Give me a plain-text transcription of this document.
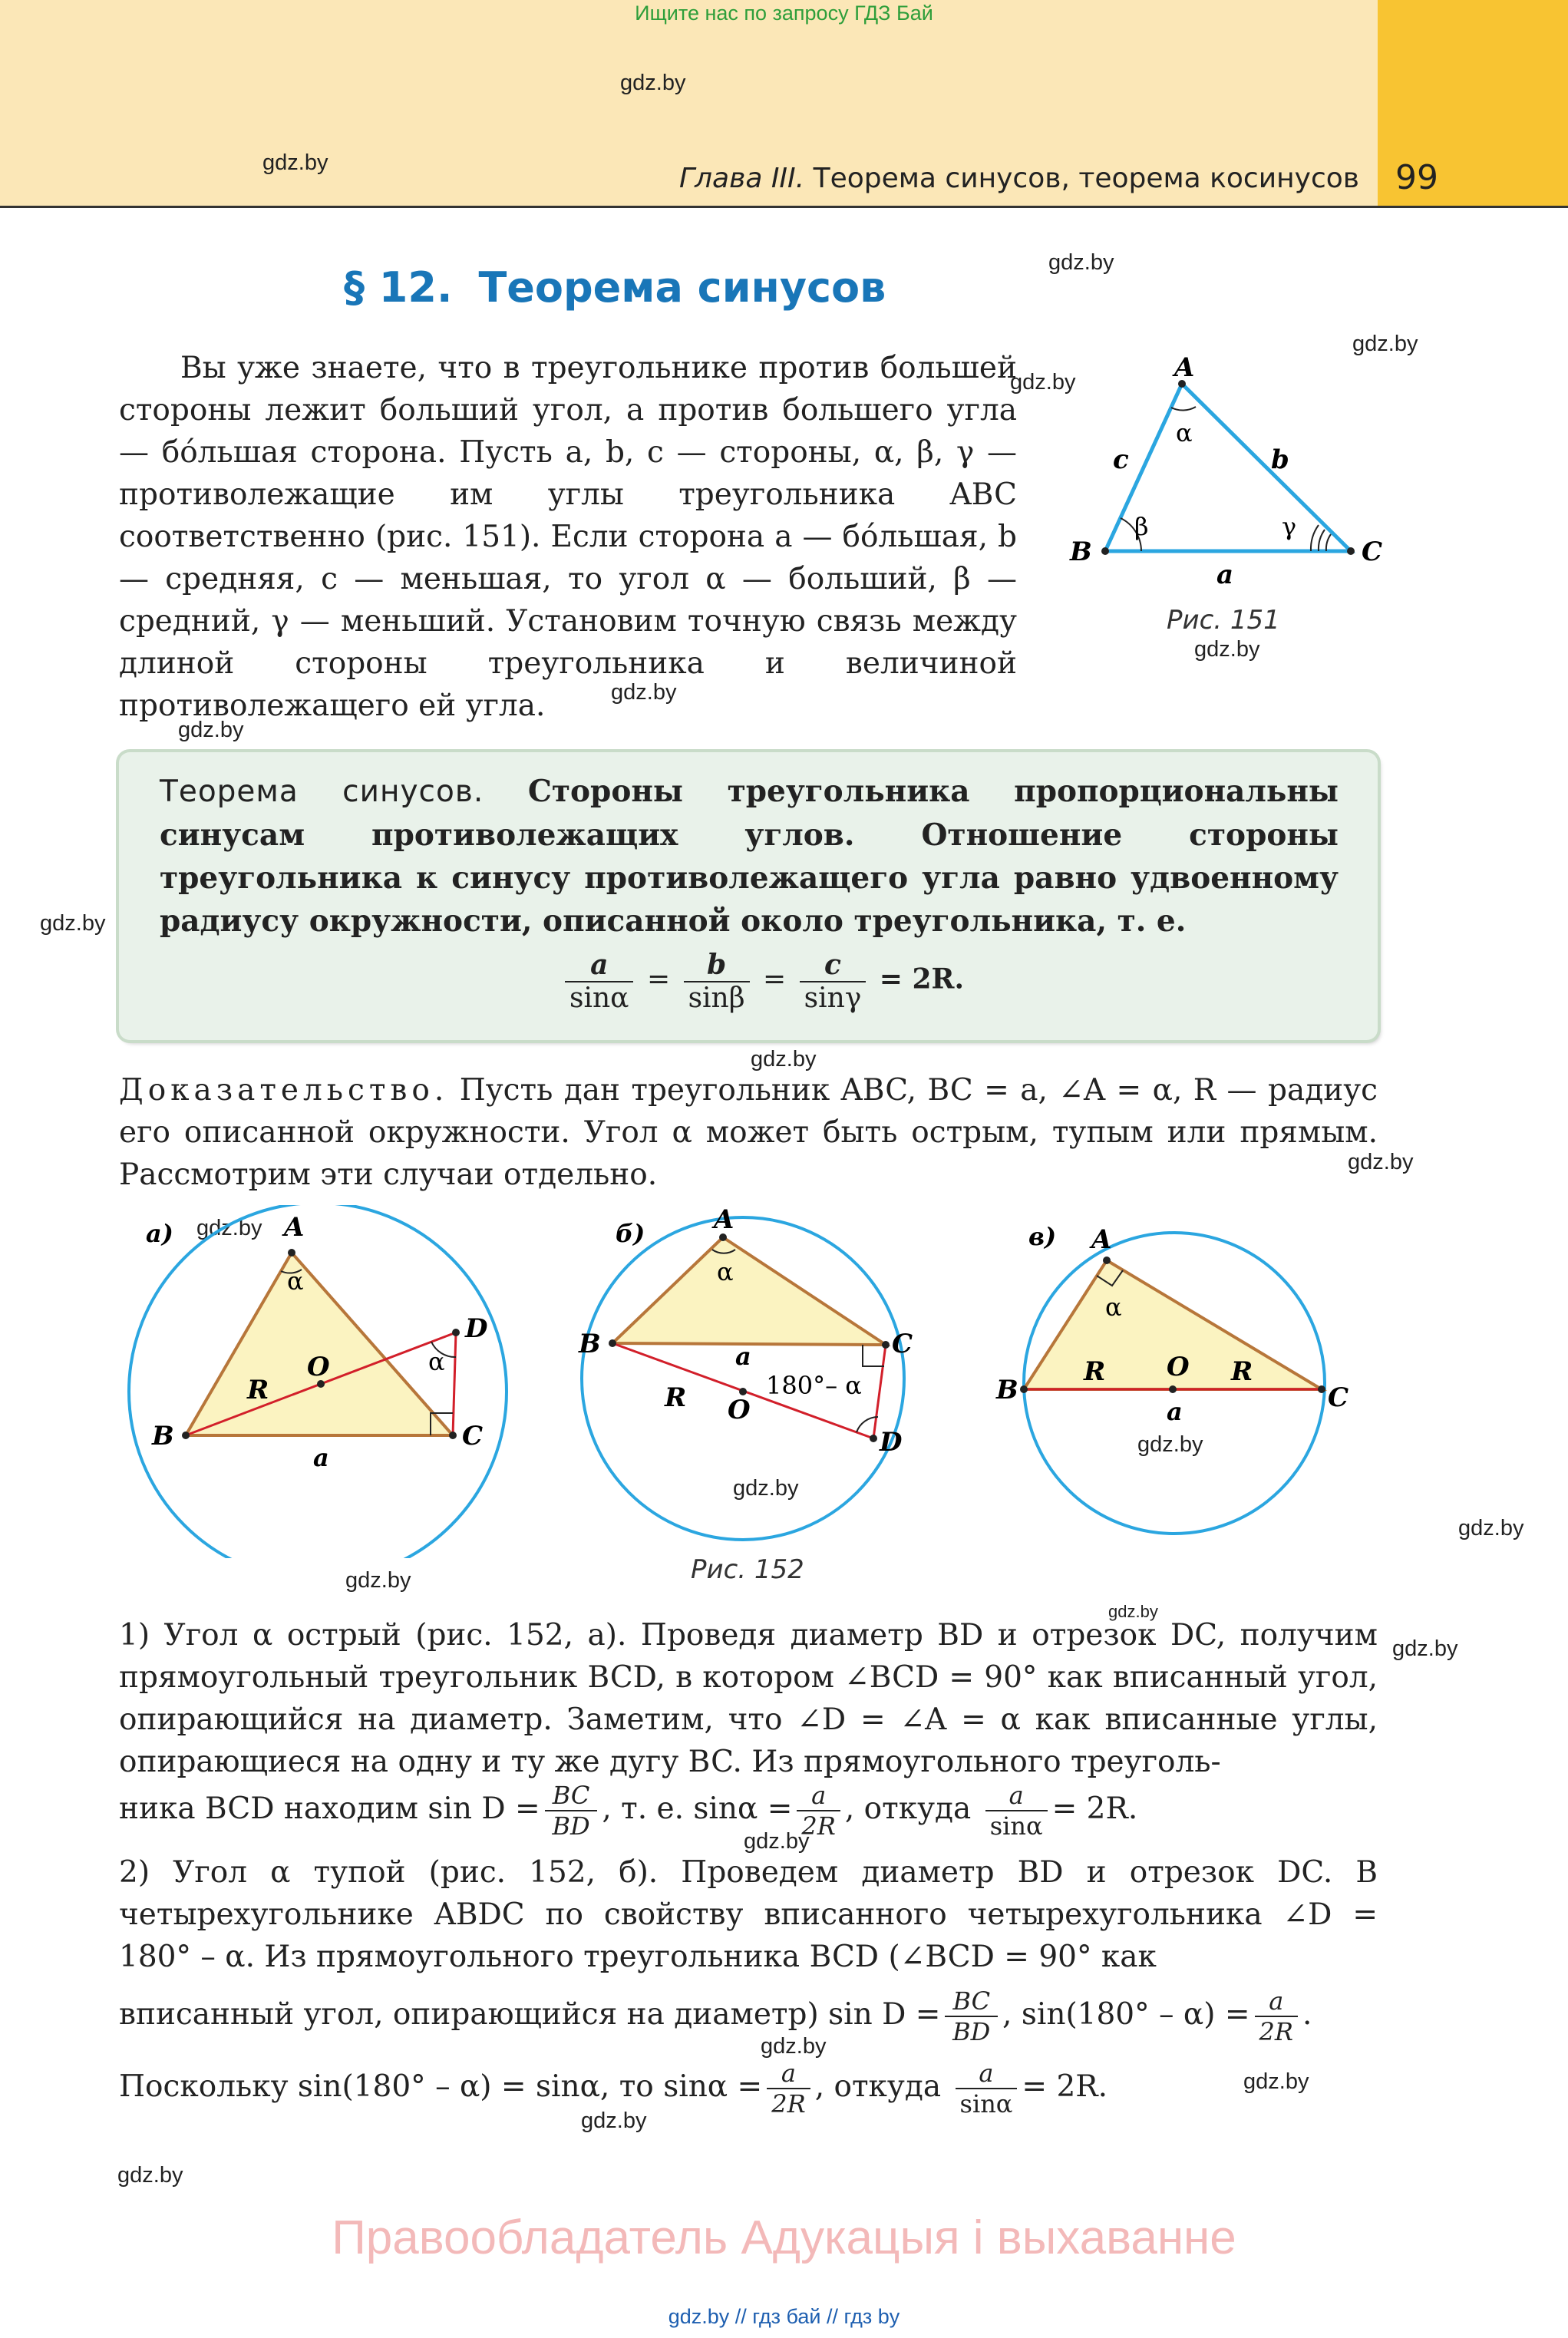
Ищите нас по запросу ГДЗ Бай
Глава III. Теорема синусов, теорема косинусов 99
gdz.by
gdz.by
gdz.by
gdz.by
gdz.by
gdz.by
gdz.by
gdz.by
gdz.by
gdz.by
gdz.by
gdz.by
gdz.by
gdz.by
gdz.by
gdz.by
gdz.by
gdz.by
gdz.by
gdz.by
gdz.by
gdz.by
gdz.by
§ 12. Теорема синусов
Вы уже знаете, что в треугольнике против большей стороны лежит больший угол, а против большего угла — бóльшая сторона. Пусть a, b, c — стороны, α, β, γ — противолежащие им углы треугольника ABC соответственно (рис. 151). Если сторона a — бóльшая, b — средняя, c — меньшая, то угол α — больший, β — средний, γ — меньший. Установим точную связь между длиной стороны треугольника и величиной противолежащего ей угла.
A
B	C
a
b
c
α
β	γ
Рис. 151
Теорема синусов. Стороны треугольника пропорциональны синусам противолежащих углов. Отношение стороны треугольника к синусу противолежащего угла равно удвоенному радиусу окружности, описанной около треугольника, т. е.
$\frac{a}{\sin\alpha} = \frac{b}{\sin\beta} = \frac{c}{\sin\gamma} = 2R$.
Доказательство. Пусть дан треугольник ABC, BC = a, ∠A = α, R — радиус его описанной окружности. Угол α может быть острым, тупым или прямым. Рассмотрим эти случаи отдельно.
а)	A
B	C
D
O
R
a
α
α
б)	A
B	C
D
O
R
a
α
180°– α
в) A
B	C
O
R	R
a
α
Рис. 152
1) Угол α острый (рис. 152, а). Проведя диаметр BD и отрезок DC, получим прямоугольный треугольник BCD, в котором ∠BCD = 90° как вписанный угол, опирающийся на диаметр. Заметим, что ∠D = ∠A = α как вписанные углы, опирающиеся на одну и ту же дугу BC. Из прямоугольного треуголь-
ника BCD находим $\sin D = \frac{BC}{BD}$ , т. е. $\sin\alpha = \frac{a}{2R}$ , откуда $\frac{a}{\sin\alpha} = 2R$.
2) Угол α тупой (рис. 152, б). Проведем диаметр BD и отрезок DC. В четырехугольнике ABDC по свойству вписанного четырехугольника ∠D = 180° – α. Из прямоугольного треугольника BCD (∠BCD = 90° как
вписанный угол, опирающийся на диаметр) $\sin D = \frac{BC}{BD}$ , $\sin(180^\circ - \alpha) = \frac{a}{2R}$ .
Поскольку sin(180° – α) = sinα, то $\sin\alpha = \frac{a}{2R}$ , откуда $\frac{a}{\sin\alpha} = 2R$.
Правообладатель Адукацыя і выхаванне
gdz.by // гдз бай // гдз by
